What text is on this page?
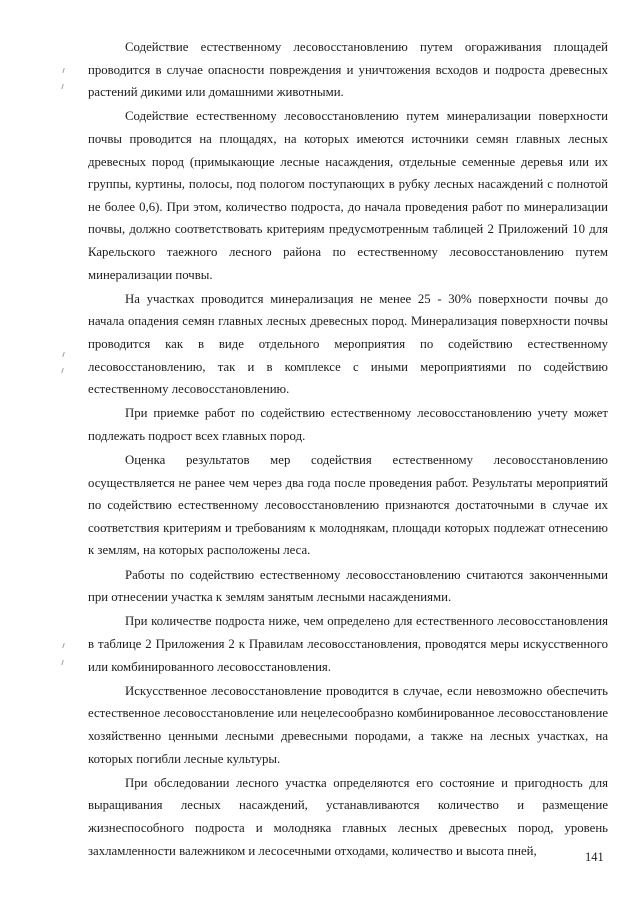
Содействие естественному лесовосстановлению путем огораживания площадей проводится в случае опасности повреждения и уничтожения всходов и подроста древесных растений дикими или домашними животными.

Содействие естественному лесовосстановлению путем минерализации поверхности почвы проводится на площадях, на которых имеются источники семян главных лесных древесных пород (примыкающие лесные насаждения, отдельные семенные деревья или их группы, куртины, полосы, под пологом поступающих в рубку лесных насаждений с полнотой не более 0,6). При этом, количество подроста, до начала проведения работ по минерализации почвы, должно соответствовать критериям предусмотренным таблицей 2 Приложений 10 для Карельского таежного лесного района по естественному лесовосстановлению путем минерализации почвы.

На участках проводится минерализация не менее 25 - 30% поверхности почвы до начала опадения семян главных лесных древесных пород. Минерализация поверхности почвы проводится как в виде отдельного мероприятия по содействию естественному лесовосстановлению, так и в комплексе с иными мероприятиями по содействию естественному лесовосстановлению.

При приемке работ по содействию естественному лесовосстановлению учету может подлежать подрост всех главных пород.

Оценка результатов мер содействия естественному лесовосстановлению осуществляется не ранее чем через два года после проведения работ. Результаты мероприятий по содействию естественному лесовосстановлению признаются достаточными в случае их соответствия критериям и требованиям к молоднякам, площади которых подлежат отнесению к землям, на которых расположены леса.

Работы по содействию естественному лесовосстановлению считаются законченными при отнесении участка к землям занятым лесными насаждениями.

При количестве подроста ниже, чем определено для естественного лесовосстановления в таблице 2 Приложения 2 к Правилам лесовосстановления, проводятся меры искусственного или комбинированного лесовосстановления.

Искусственное лесовосстановление проводится в случае, если невозможно обеспечить естественное лесовосстановление или нецелесообразно комбинированное лесовосстановление хозяйственно ценными лесными древесными породами, а также на лесных участках, на которых погибли лесные культуры.

При обследовании лесного участка определяются его состояние и пригодность для выращивания лесных насаждений, устанавливаются количество и размещение жизнеспособного подроста и молодняка главных лесных древесных пород, уровень захламленности валежником и лесосечными отходами, количество и высота пней,	141
